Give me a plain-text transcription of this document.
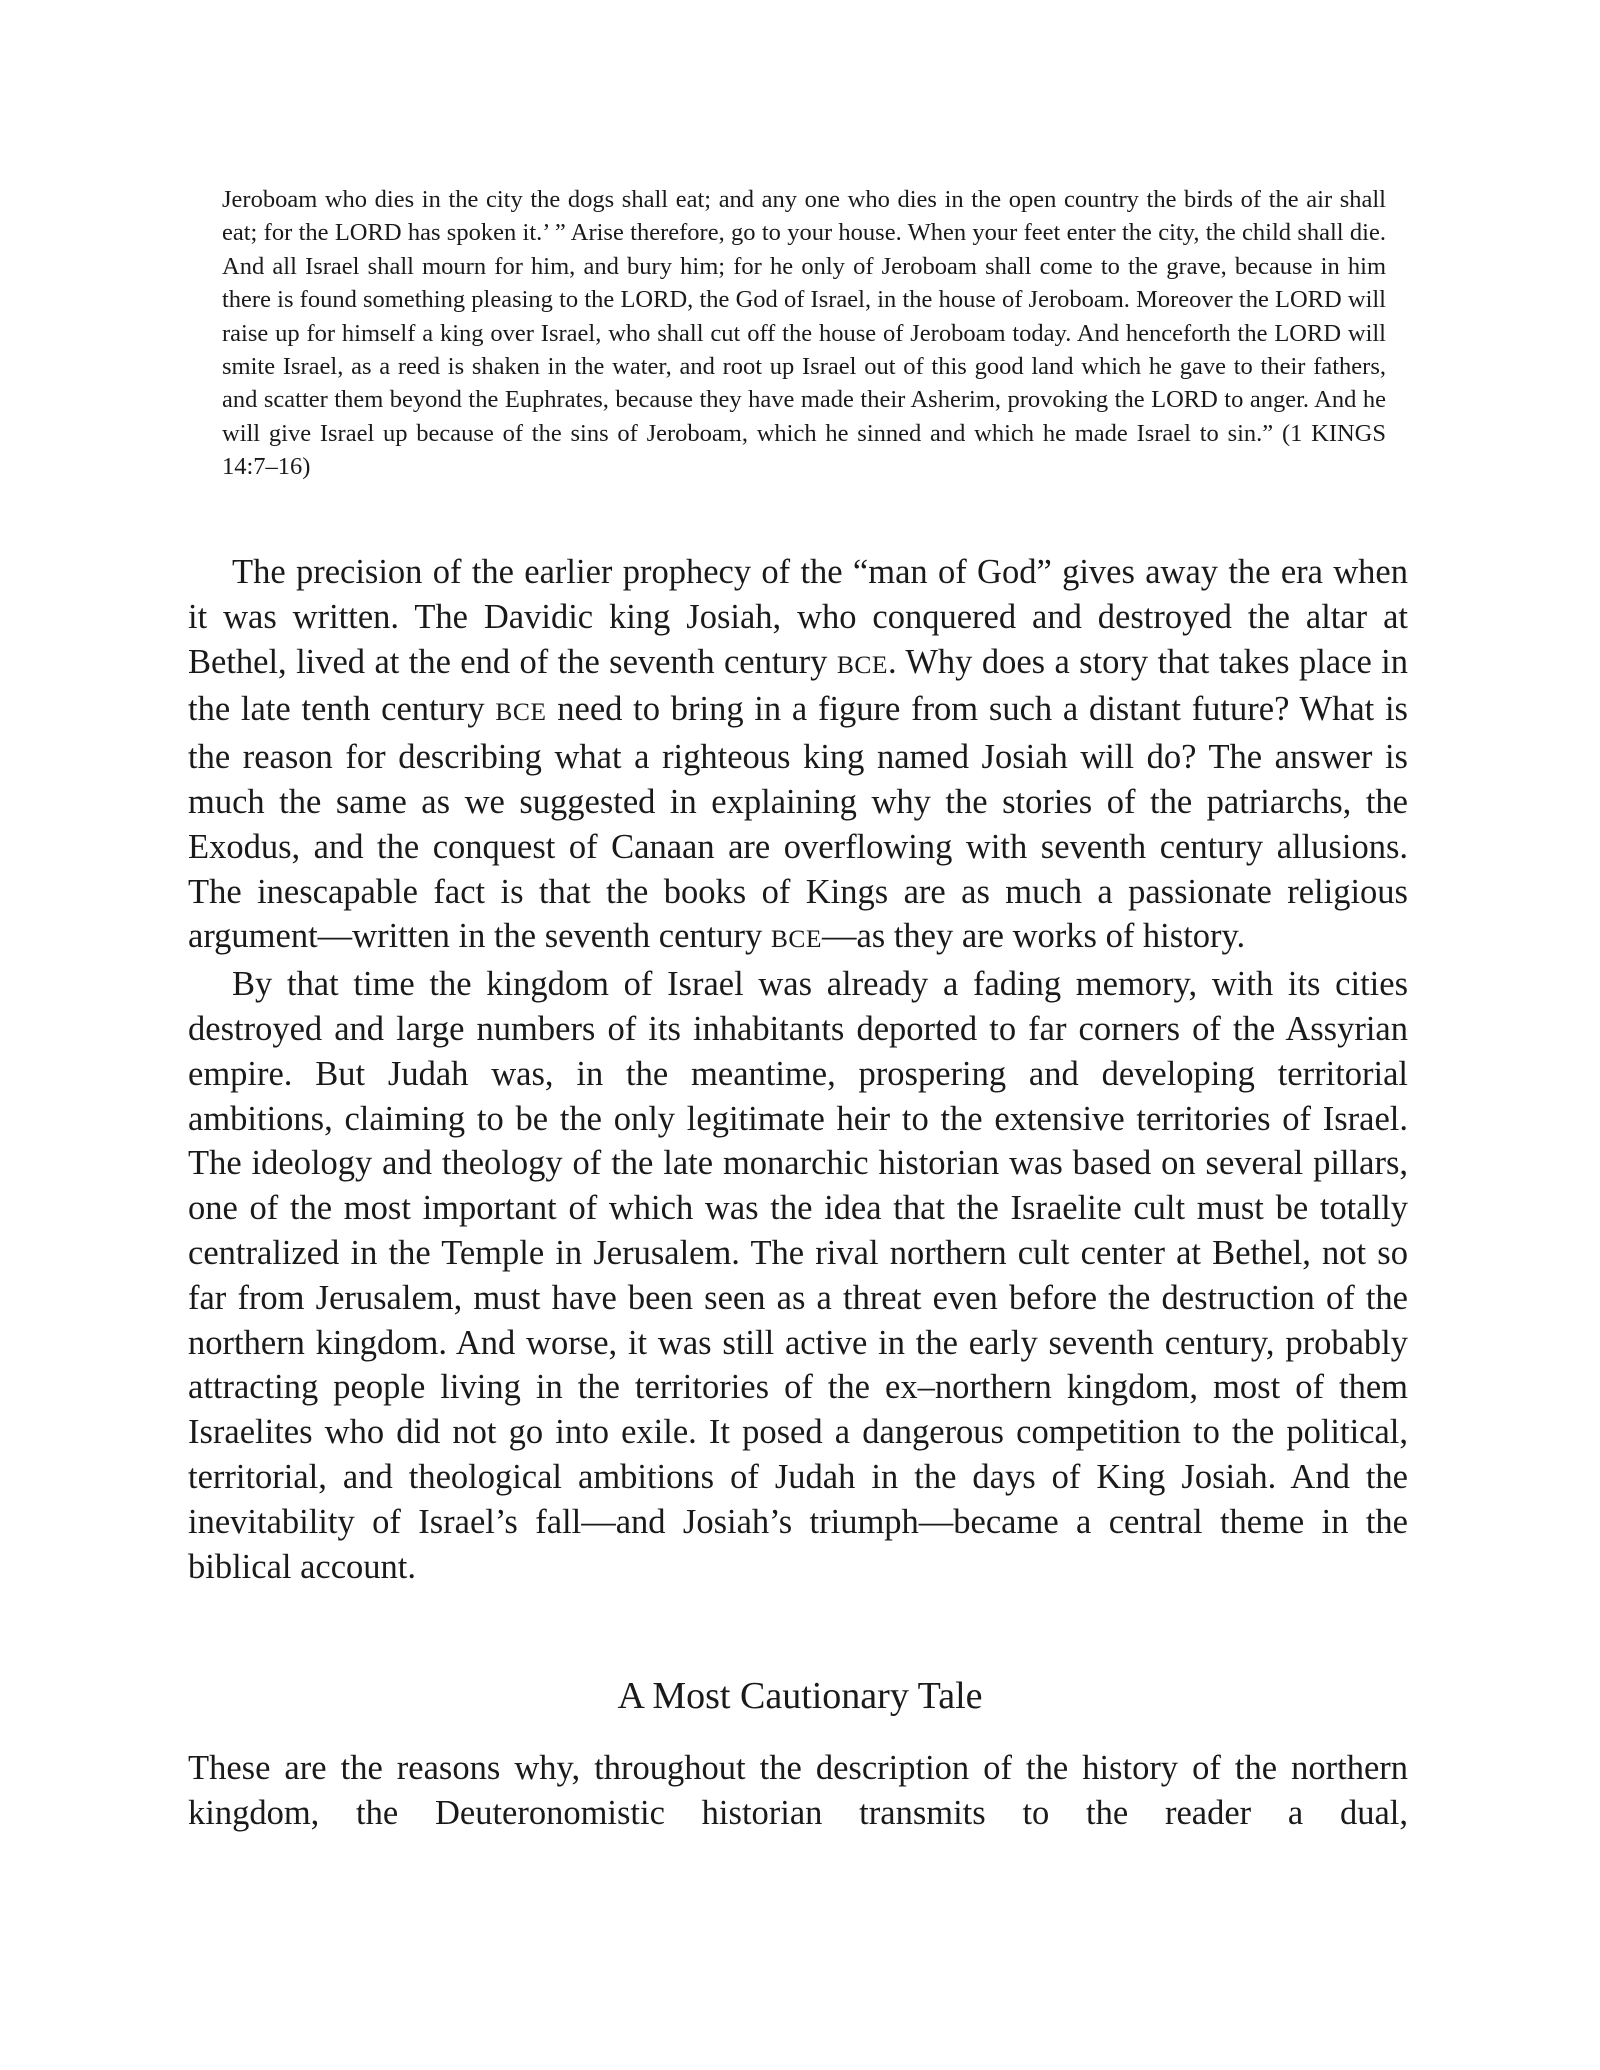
Jeroboam who dies in the city the dogs shall eat; and any one who dies in the open country the birds of the air shall eat; for the LORD has spoken it.’ ” Arise therefore, go to your house. When your feet enter the city, the child shall die. And all Israel shall mourn for him, and bury him; for he only of Jeroboam shall come to the grave, because in him there is found something pleasing to the LORD, the God of Israel, in the house of Jeroboam. Moreover the LORD will raise up for himself a king over Israel, who shall cut off the house of Jeroboam today. And henceforth the LORD will smite Israel, as a reed is shaken in the water, and root up Israel out of this good land which he gave to their fathers, and scatter them beyond the Euphrates, because they have made their Asherim, provoking the LORD to anger. And he will give Israel up because of the sins of Jeroboam, which he sinned and which he made Israel to sin.” (1 KINGS 14:7–16)

The precision of the earlier prophecy of the “man of God” gives away the era when it was written. The Davidic king Josiah, who conquered and destroyed the altar at Bethel, lived at the end of the seventh century BCE. Why does a story that takes place in the late tenth century BCE need to bring in a figure from such a distant future? What is the reason for describing what a righteous king named Josiah will do? The answer is much the same as we suggested in explaining why the stories of the patriarchs, the Exodus, and the conquest of Canaan are overflowing with seventh century allusions. The inescapable fact is that the books of Kings are as much a passionate religious argument—written in the seventh century BCE—as they are works of history.

By that time the kingdom of Israel was already a fading memory, with its cities destroyed and large numbers of its inhabitants deported to far corners of the Assyrian empire. But Judah was, in the meantime, prospering and developing territorial ambitions, claiming to be the only legitimate heir to the extensive territories of Israel. The ideology and theology of the late monarchic historian was based on several pillars, one of the most important of which was the idea that the Israelite cult must be totally centralized in the Temple in Jerusalem. The rival northern cult center at Bethel, not so far from Jerusalem, must have been seen as a threat even before the destruction of the northern kingdom. And worse, it was still active in the early seventh century, probably attracting people living in the territories of the ex–northern kingdom, most of them Israelites who did not go into exile. It posed a dangerous competition to the political, territorial, and theological ambitions of Judah in the days of King Josiah. And the inevitability of Israel’s fall—and Josiah’s triumph—became a central theme in the biblical account.

A Most Cautionary Tale

These are the reasons why, throughout the description of the history of the northern kingdom, the Deuteronomistic historian transmits to the reader a dual,
